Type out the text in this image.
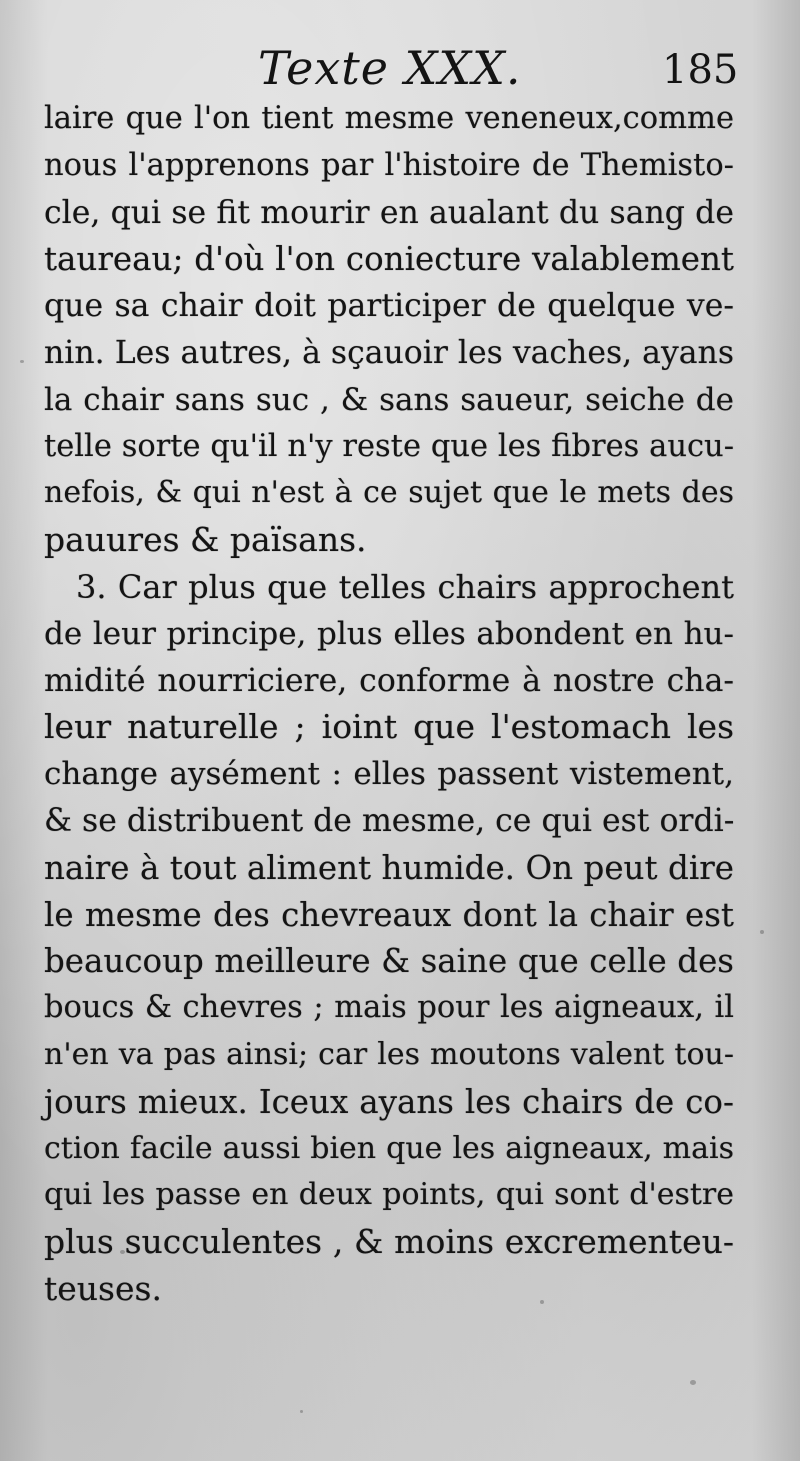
Texte XXX.	185
laire que l'on tient mesme veneneux,comme
nous l'apprenons par l'histoire de Themisto-
cle, qui se fit mourir en aualant du sang de
taureau; d'où l'on coniecture valablement
que sa chair doit participer de quelque ve-
nin. Les autres, à sçauoir les vaches, ayans
la chair sans suc , & sans saueur, seiche de
telle sorte qu'il n'y reste que les fibres aucu-
nefois, & qui n'est à ce sujet que le mets des
pauures & païsans.
3. Car plus que telles chairs approchent
de leur principe, plus elles abondent en hu-
midité nourriciere, conforme à nostre cha-
leur naturelle ; ioint que l'estomach les
change aysément : elles passent vistement,
& se distribuent de mesme, ce qui est ordi-
naire à tout aliment humide. On peut dire
le mesme des chevreaux dont la chair est
beaucoup meilleure & saine que celle des
boucs & chevres ; mais pour les aigneaux, il
n'en va pas ainsi; car les moutons valent tou-
jours mieux. Iceux ayans les chairs de co-
ction facile aussi bien que les aigneaux, mais
qui les passe en deux points, qui sont d'estre
plus succulentes , & moins excrementeu-
teuses.
